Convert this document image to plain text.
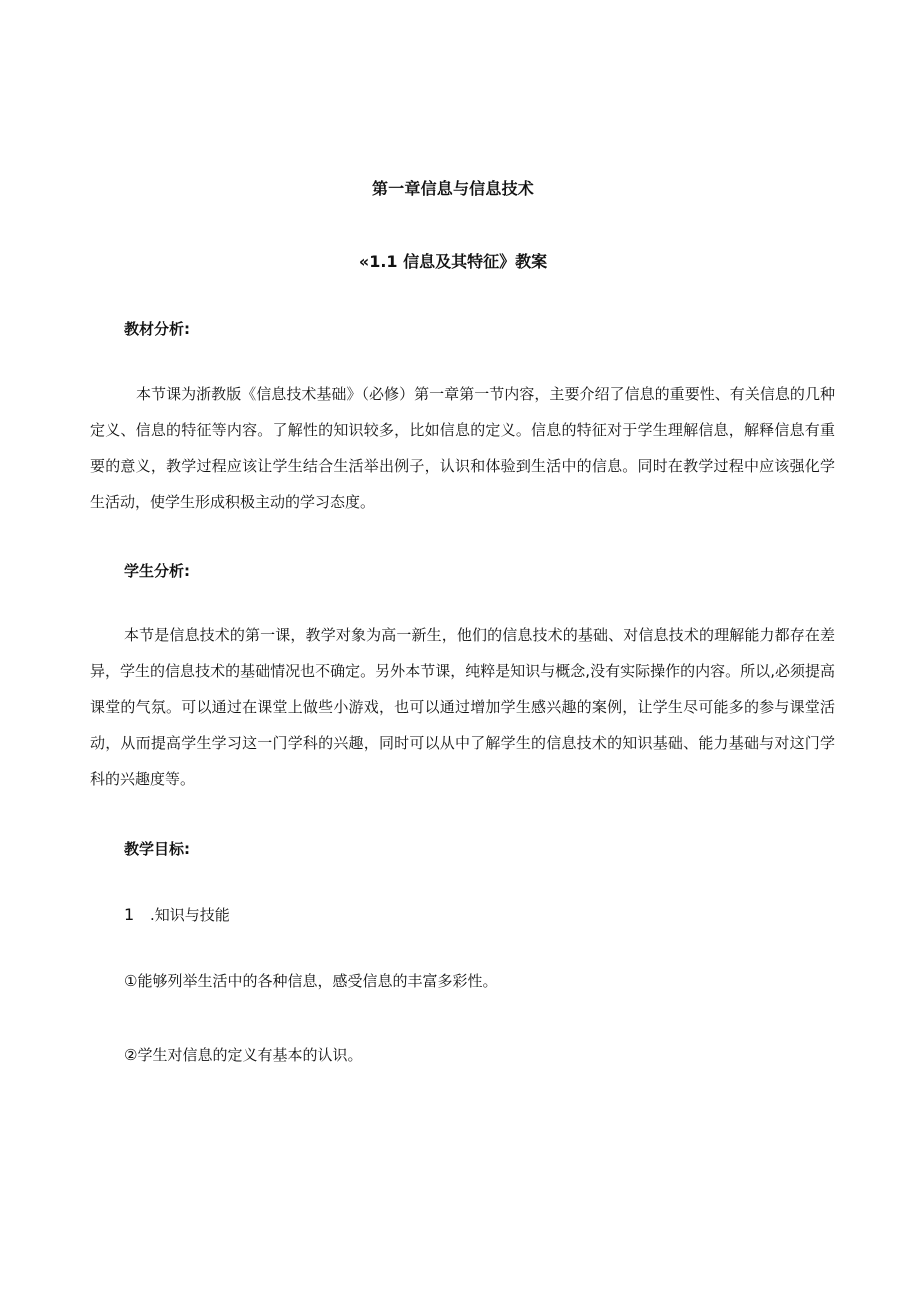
第一章信息与信息技术
«1.1 信息及其特征》教案
教材分析:
本节课为浙教版《信息技术基础》（必修）第一章第一节内容，主要介绍了信息的重要性、有关信息的几种定义、信息的特征等内容。了解性的知识较多，比如信息的定义。信息的特征对于学生理解信息，解释信息有重要的意义，教学过程应该让学生结合生活举出例子，认识和体验到生活中的信息。同时在教学过程中应该强化学生活动，使学生形成积极主动的学习态度。
学生分析:
本节是信息技术的第一课，教学对象为高一新生，他们的信息技术的基础、对信息技术的理解能力都存在差异，学生的信息技术的基础情况也不确定。另外本节课，纯粹是知识与概念,没有实际操作的内容。所以,必须提高课堂的气氛。可以通过在课堂上做些小游戏，也可以通过增加学生感兴趣的案例，让学生尽可能多的参与课堂活动，从而提高学生学习这一门学科的兴趣，同时可以从中了解学生的信息技术的知识基础、能力基础与对这门学科的兴趣度等。
教学目标:
1 .知识与技能
①能够列举生活中的各种信息，感受信息的丰富多彩性。
②学生对信息的定义有基本的认识。
